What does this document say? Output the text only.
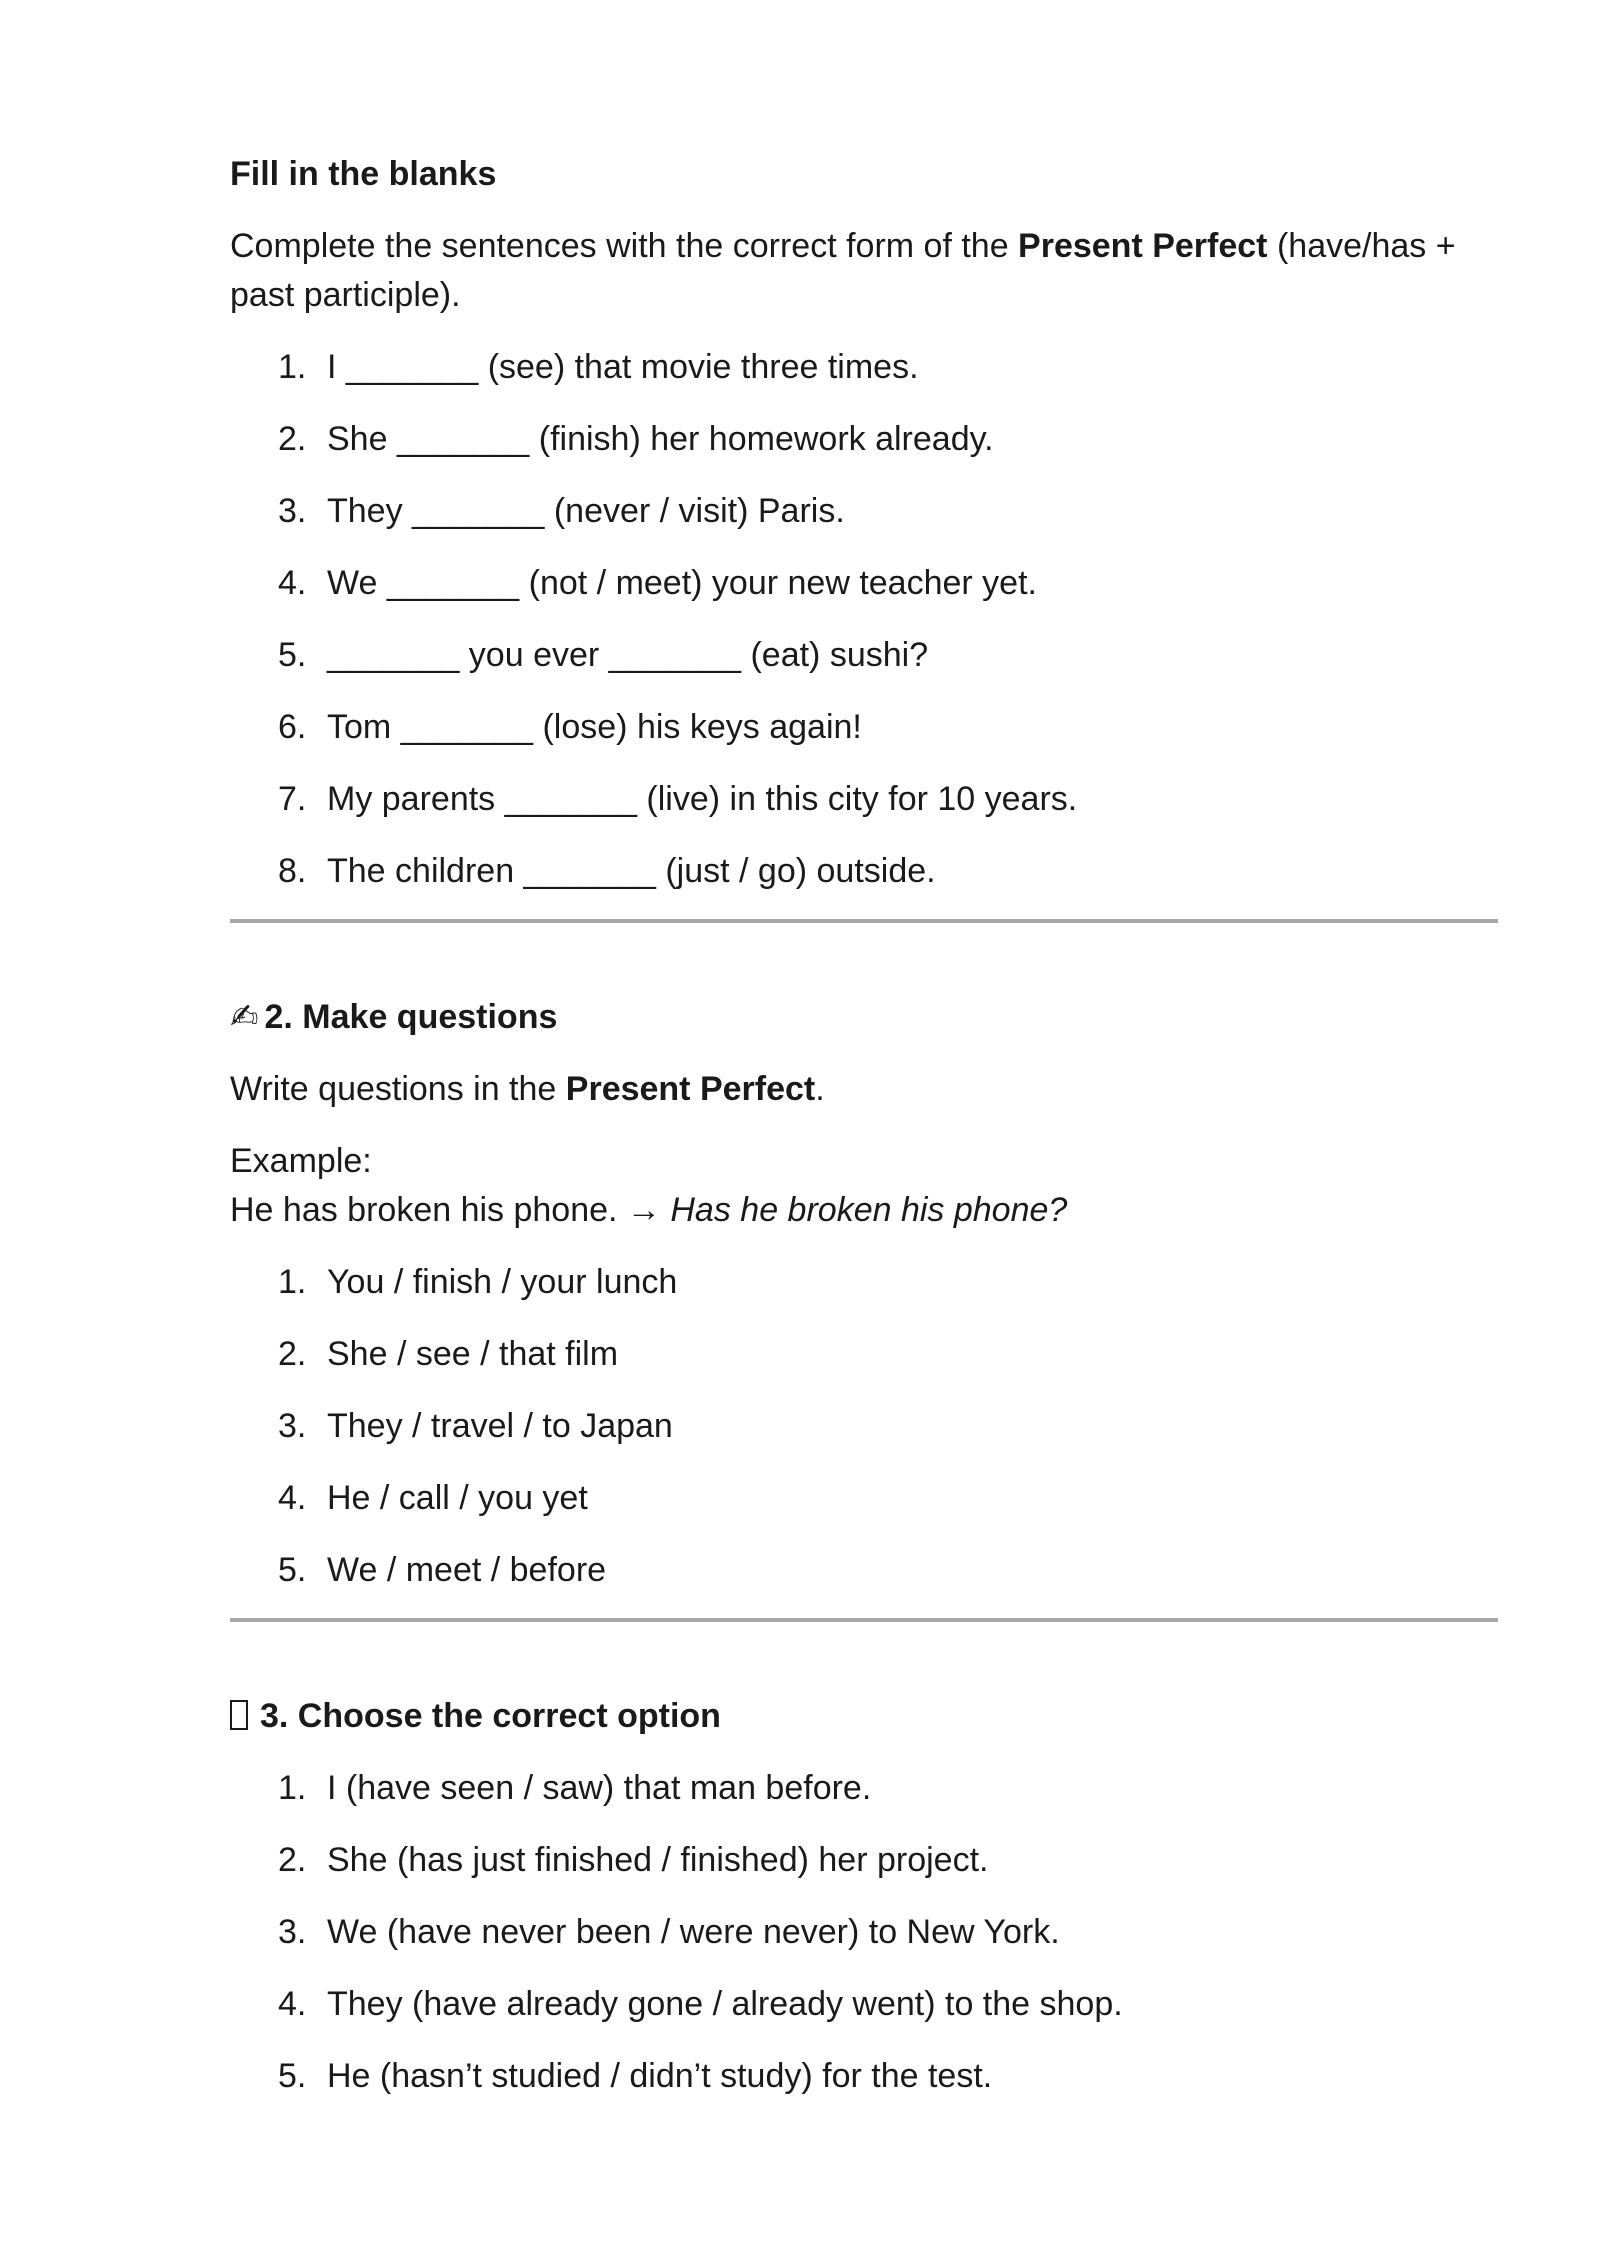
Fill in the blanks

Complete the sentences with the correct form of the Present Perfect (have/has + past participle).

1. I _______ (see) that movie three times.
2. She _______ (finish) her homework already.
3. They _______ (never / visit) Paris.
4. We _______ (not / meet) your new teacher yet.
5. _______ you ever _______ (eat) sushi?
6. Tom _______ (lose) his keys again!
7. My parents _______ (live) in this city for 10 years.
8. The children _______ (just / go) outside.
✍ 2. Make questions

Write questions in the Present Perfect.

Example:
He has broken his phone. → Has he broken his phone?

1. You / finish / your lunch
2. She / see / that film
3. They / travel / to Japan
4. He / call / you yet
5. We / meet / before
3. Choose the correct option
1. I (have seen / saw) that man before.
2. She (has just finished / finished) her project.
3. We (have never been / were never) to New York.
4. They (have already gone / already went) to the shop.
5. He (hasn’t studied / didn’t study) for the test.
